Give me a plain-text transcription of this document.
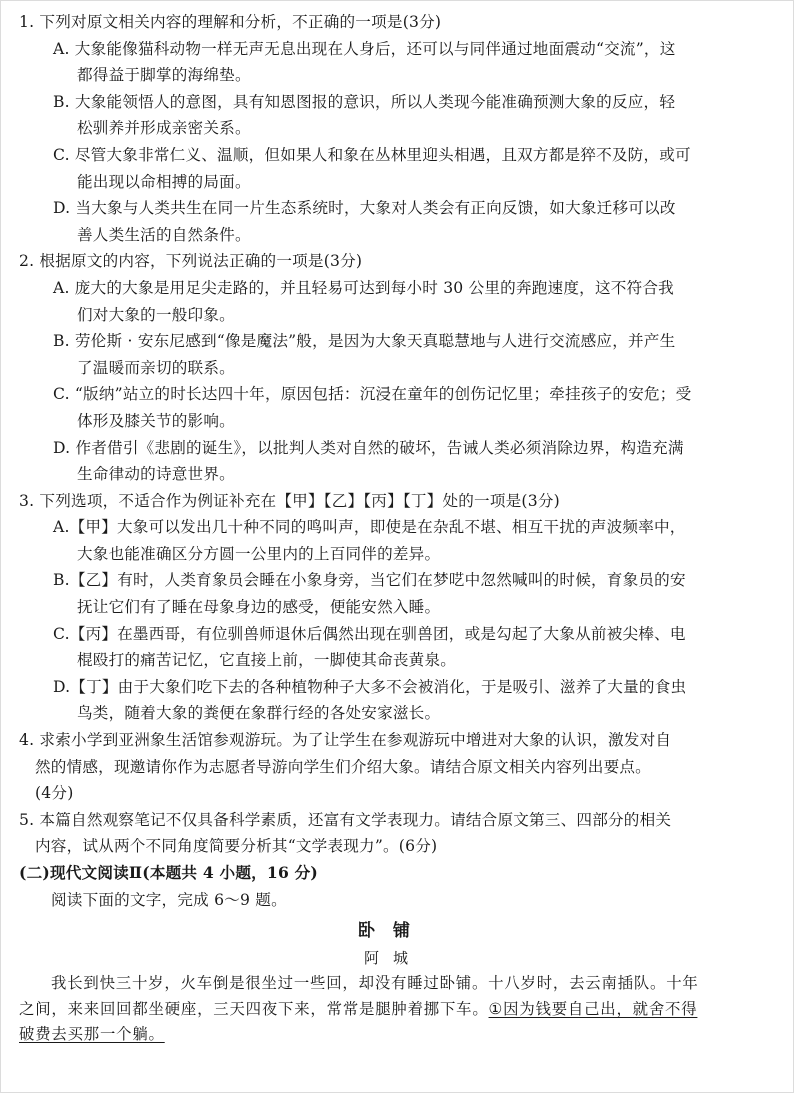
1. 下列对原文相关内容的理解和分析，不正确的一项是(3分)

A. 大象能像猫科动物一样无声无息出现在人身后，还可以与同伴通过地面震动“交流”，这

都得益于脚掌的海绵垫。

B. 大象能领悟人的意图，具有知恩图报的意识，所以人类现今能准确预测大象的反应，轻

松驯养并形成亲密关系。

C. 尽管大象非常仁义、温顺，但如果人和象在丛林里迎头相遇，且双方都是猝不及防，或可

能出现以命相搏的局面。

D. 当大象与人类共生在同一片生态系统时，大象对人类会有正向反馈，如大象迁移可以改

善人类生活的自然条件。

2. 根据原文的内容，下列说法正确的一项是(3分)

A. 庞大的大象是用足尖走路的，并且轻易可达到每小时 30 公里的奔跑速度，这不符合我

们对大象的一般印象。

B. 劳伦斯 · 安东尼感到“像是魔法”般，是因为大象天真聪慧地与人进行交流感应，并产生

了温暖而亲切的联系。

C. “版纳”站立的时长达四十年，原因包括：沉浸在童年的创伤记忆里；牵挂孩子的安危；受

体形及膝关节的影响。

D. 作者借引《悲剧的诞生》，以批判人类对自然的破坏，告诫人类必须消除边界，构造充满

生命律动的诗意世界。

3. 下列选项，不适合作为例证补充在【甲】【乙】【丙】【丁】处的一项是(3分)

A.【甲】大象可以发出几十种不同的鸣叫声，即使是在杂乱不堪、相互干扰的声波频率中，

大象也能准确区分方圆一公里内的上百同伴的差异。

B.【乙】有时，人类育象员会睡在小象身旁，当它们在梦呓中忽然喊叫的时候，育象员的安

抚让它们有了睡在母象身边的感受，便能安然入睡。

C.【丙】在墨西哥，有位驯兽师退休后偶然出现在驯兽团，或是勾起了大象从前被尖棒、电

棍殴打的痛苦记忆，它直接上前，一脚使其命丧黄泉。

D.【丁】由于大象们吃下去的各种植物种子大多不会被消化，于是吸引、滋养了大量的食虫

鸟类，随着大象的粪便在象群行经的各处安家滋长。

4. 求索小学到亚洲象生活馆参观游玩。为了让学生在参观游玩中增进对大象的认识，激发对自

然的情感，现邀请你作为志愿者导游向学生们介绍大象。请结合原文相关内容列出要点。

(4分)

5. 本篇自然观察笔记不仅具备科学素质，还富有文学表现力。请结合原文第三、四部分的相关

内容，试从两个不同角度简要分析其“文学表现力”。(6分)

(二)现代文阅读Ⅱ(本题共 4 小题，16 分)

阅读下面的文字，完成 6～9 题。

卧铺

阿城

我长到快三十岁，火车倒是很坐过一些回，却没有睡过卧铺。十八岁时，去云南插队。十年
之间，来来回回都坐硬座，三天四夜下来，常常是腿肿着挪下车。①因为钱要自己出，就舍不得
破费去买那一个躺。
